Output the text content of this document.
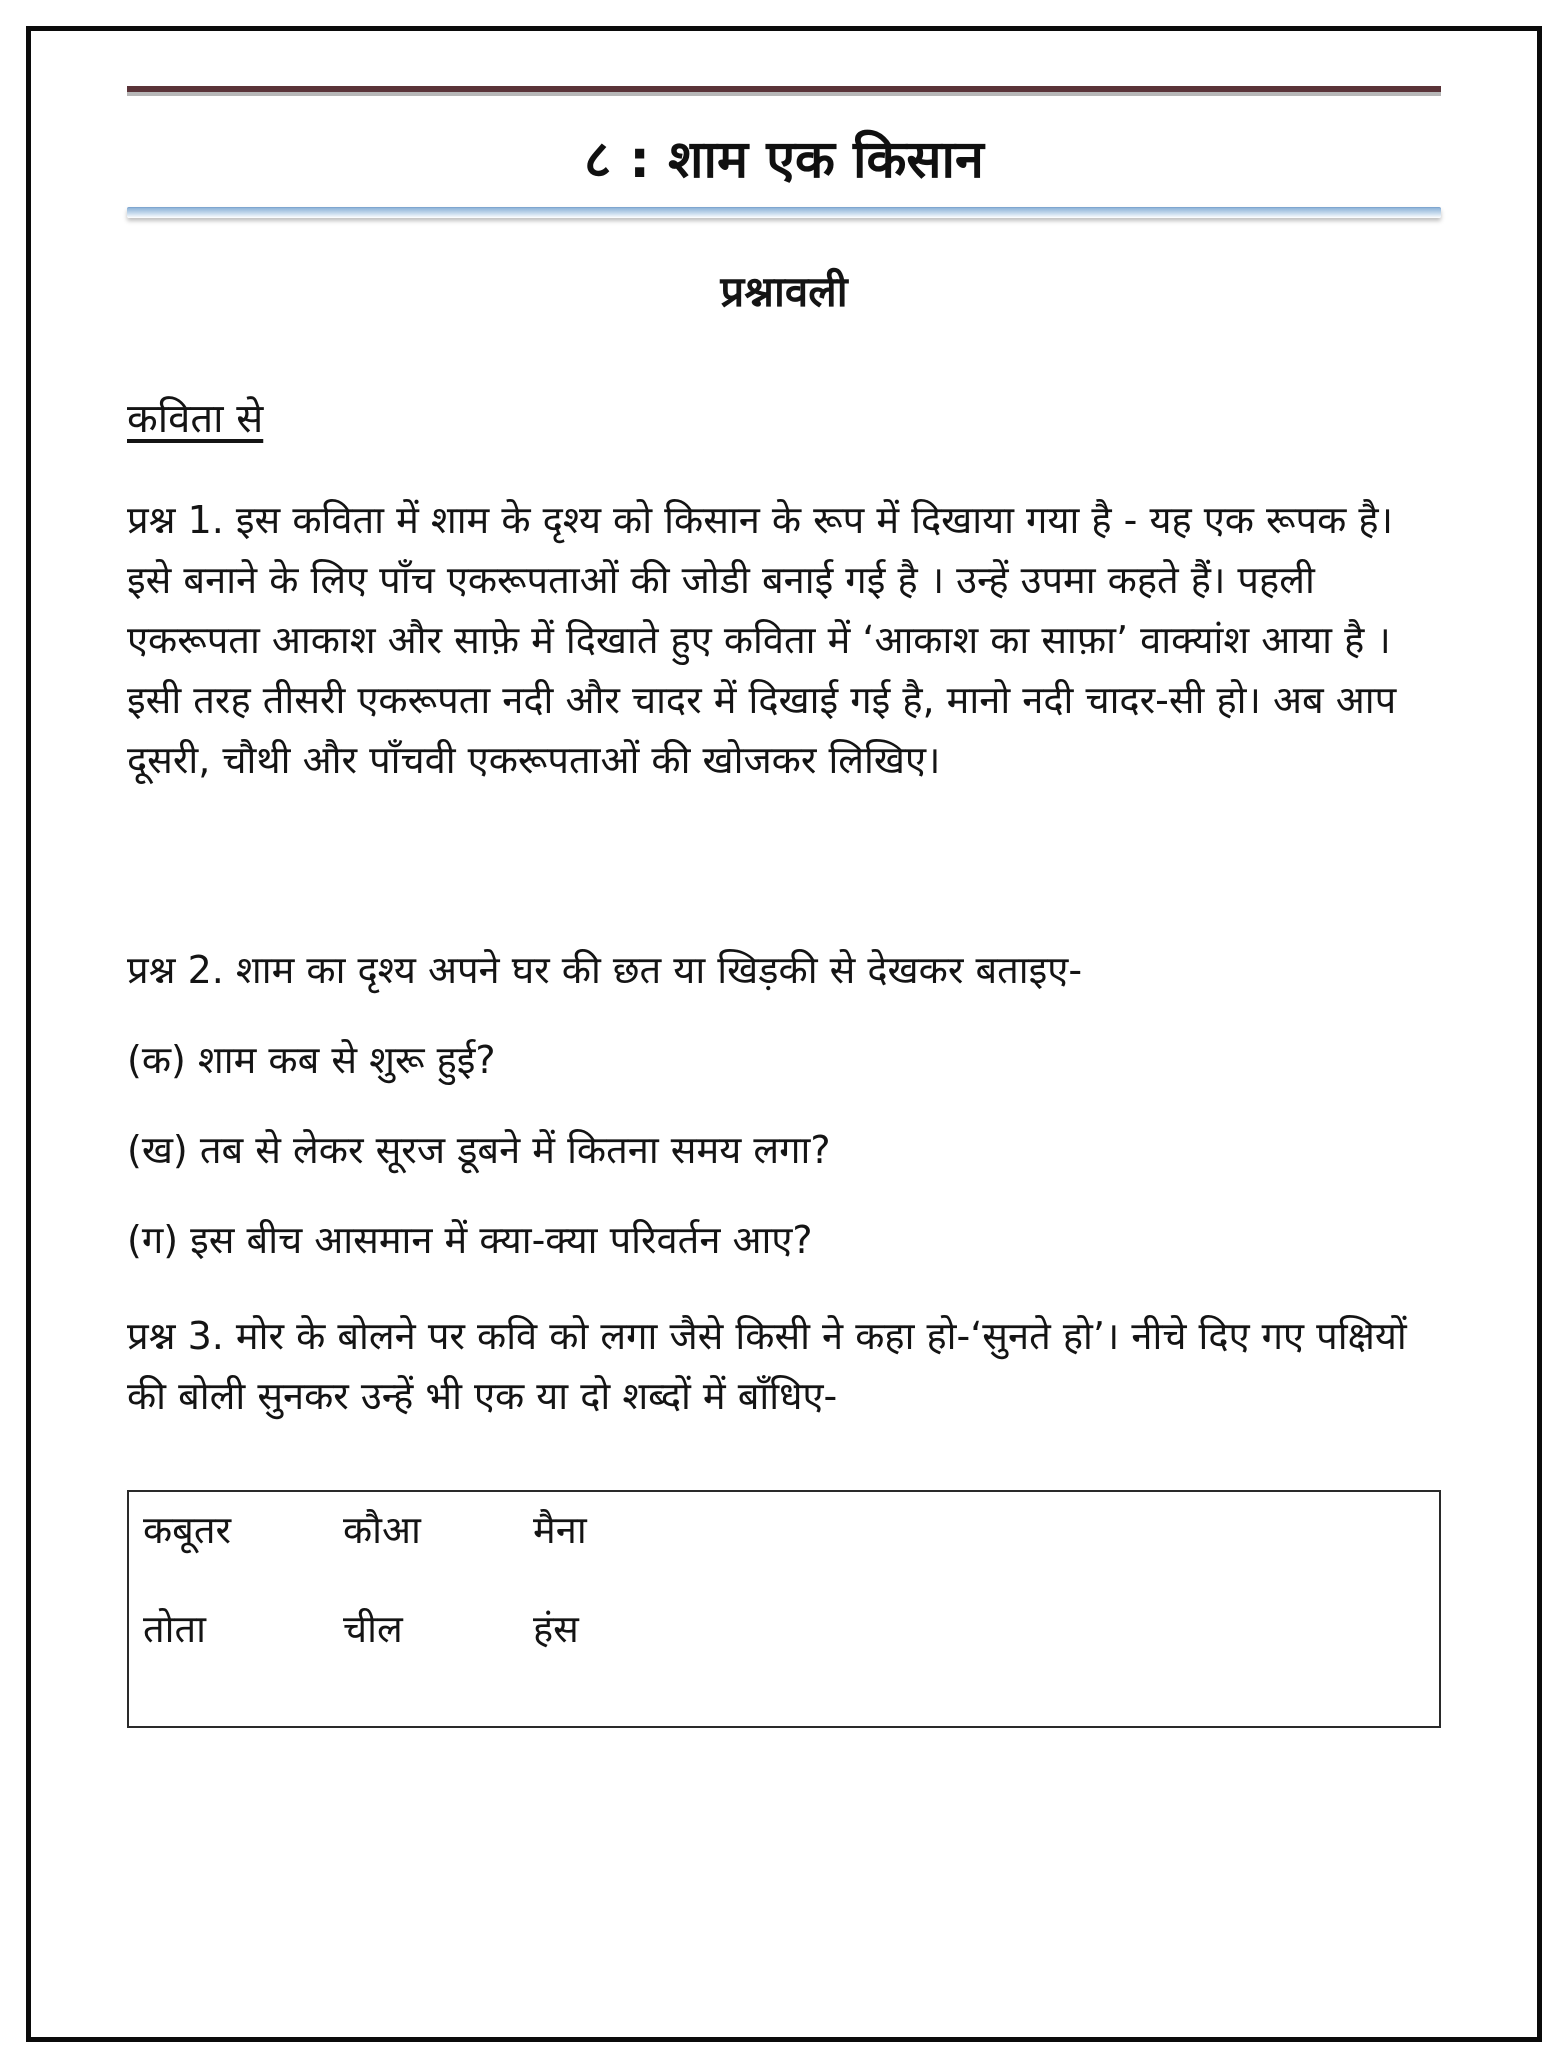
८ : शाम एक किसान
प्रश्नावली
कविता से

प्रश्न 1. इस कविता में शाम के दृश्य को किसान के रूप में दिखाया गया है - यह एक रूपक है। इसे बनाने के लिए पाँच एकरूपताओं की जोडी बनाई गई है । उन्हें उपमा कहते हैं। पहली एकरूपता आकाश और साफ़े में दिखाते हुए कविता में ‘आकाश का साफ़ा’ वाक्यांश आया है । इसी तरह तीसरी एकरूपता नदी और चादर में दिखाई गई है, मानो नदी चादर-सी हो। अब आप दूसरी, चौथी और पाँचवी एकरूपताओं की खोजकर लिखिए।

प्रश्न 2. शाम का दृश्य अपने घर की छत या खिड़की से देखकर बताइए-

(क) शाम कब से शुरू हुई?

(ख) तब से लेकर सूरज डूबने में कितना समय लगा?

(ग) इस बीच आसमान में क्या-क्या परिवर्तन आए?

प्रश्न 3. मोर के बोलने पर कवि को लगा जैसे किसी ने कहा हो-‘सुनते हो’। नीचे दिए गए पक्षियों की बोली सुनकर उन्हें भी एक या दो शब्दों में बाँधिए-

कबूतर	कौआ	मैना
तोता	चील	हंस
